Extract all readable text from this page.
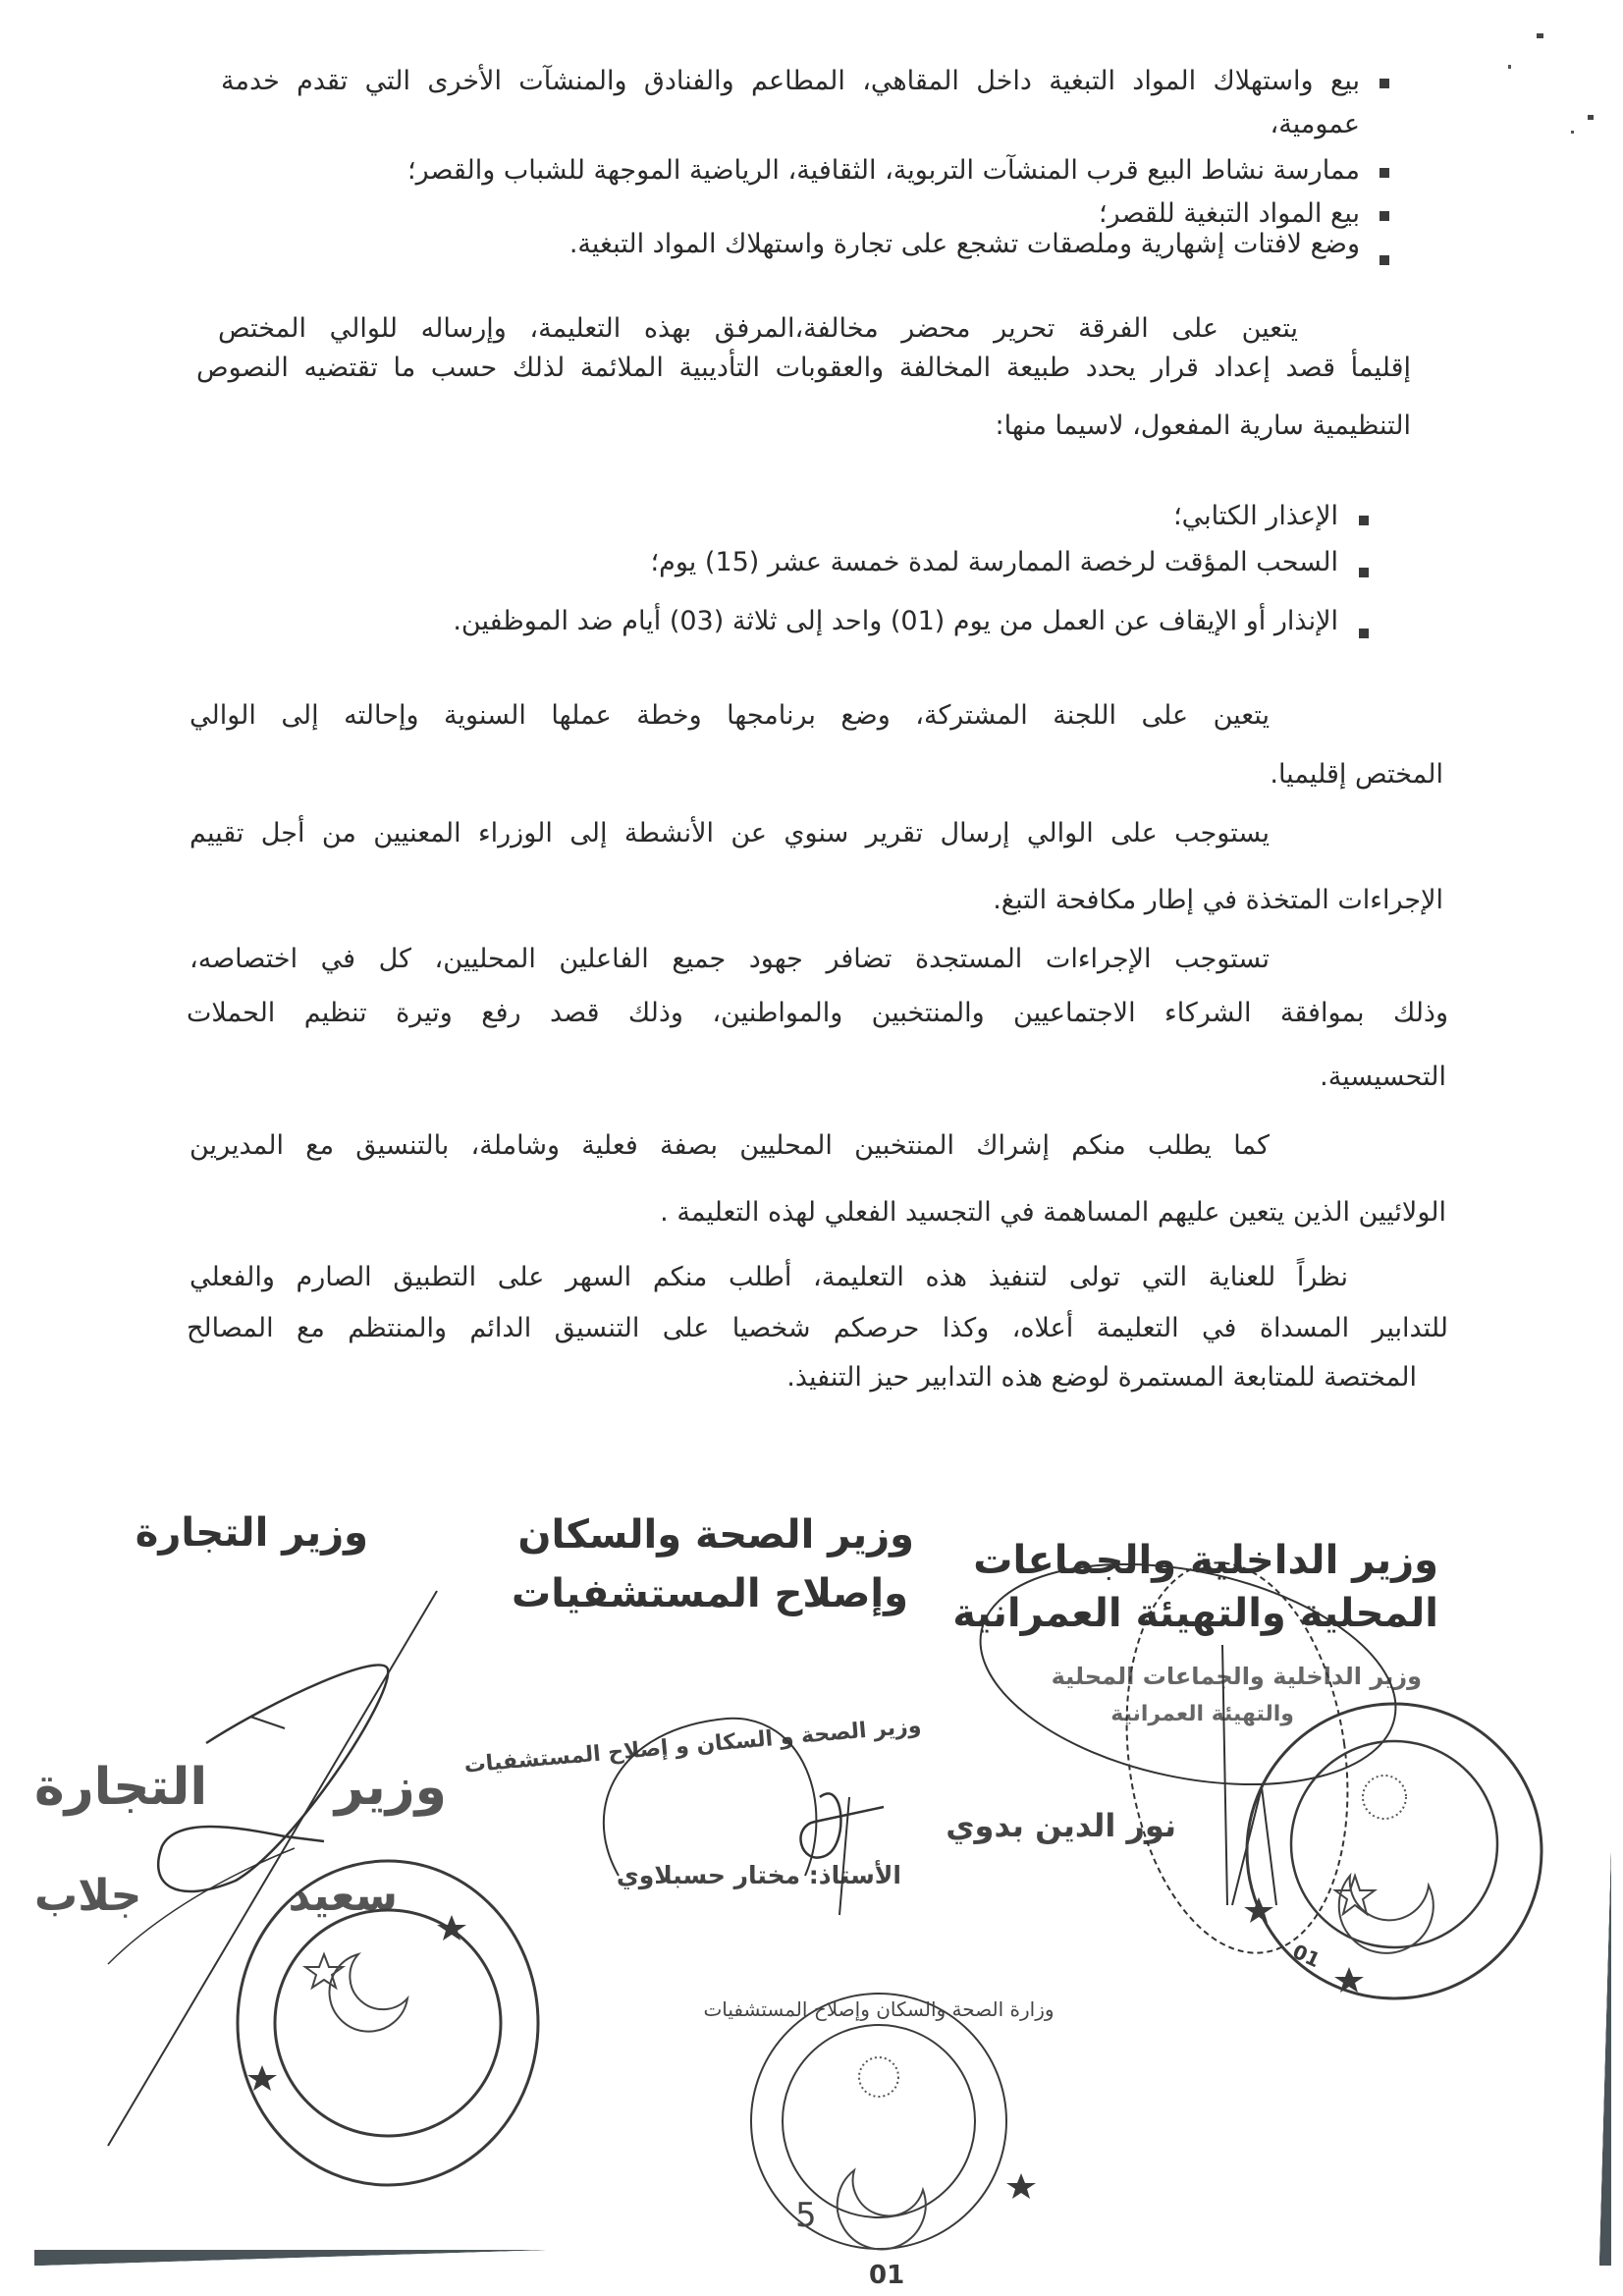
بيع واستهلاك المواد التبغية داخل المقاهي، المطاعم والفنادق والمنشآت الأخرى التي تقدم خدمة
عمومية،
ممارسة نشاط البيع قرب المنشآت التربوية، الثقافية، الرياضية الموجهة للشباب والقصر؛
بيع المواد التبغية للقصر؛
وضع لافتات إشهارية وملصقات تشجع على تجارة واستهلاك المواد التبغية.
يتعين على الفرقة تحرير محضر مخالفة،المرفق بهذه التعليمة، وإرساله للوالي المختص
إقليمأ قصد إعداد قرار يحدد طبيعة المخالفة والعقوبات التأديبية الملائمة لذلك حسب ما تقتضيه النصوص
التنظيمية سارية المفعول، لاسيما منها:
الإعذار الكتابي؛
السحب المؤقت لرخصة الممارسة لمدة خمسة عشر (15) يوم؛
الإنذار أو الإيقاف عن العمل من يوم (01) واحد إلى ثلاثة (03) أيام ضد الموظفين.
يتعين على اللجنة المشتركة، وضع برنامجها وخطة عملها السنوية وإحالته إلى الوالي
المختص إقليميا.
يستوجب على الوالي إرسال تقرير سنوي عن الأنشطة إلى الوزراء المعنيين من أجل تقييم
الإجراءات المتخذة في إطار مكافحة التبغ.
تستوجب الإجراءات المستجدة تضافر جهود جميع الفاعلين المحليين، كل في اختصاصه،
وذلك بموافقة الشركاء الاجتماعيين والمنتخبين والمواطنين، وذلك قصد رفع وتيرة تنظيم الحملات
التحسيسية.
كما يطلب منكم إشراك المنتخبين المحليين بصفة فعلية وشاملة، بالتنسيق مع المديرين
الولائيين الذين يتعين عليهم المساهمة في التجسيد الفعلي لهذه التعليمة .
نظراً للعناية التي تولى لتنفيذ هذه التعليمة، أطلب منكم السهر على التطبيق الصارم والفعلي
للتدابير المسداة في التعليمة أعلاه، وكذا حرصكم شخصيا على التنسيق الدائم والمنتظم مع المصالح
المختصة للمتابعة المستمرة لوضع هذه التدابير حيز التنفيذ.
وزير الداخلية والجماعات
المحلية والتهيئة العمرانية
وزير الداخلية والجماعات المحلية
والتهيئة العمرانية
نور الدين بدوي
01
وزير الصحة والسكان
وإصلاح المستشفيات
وزير الصحة و السكان و إصلاح المستشفيات
الأستاذ: مختار حسبلاوي
5
01
وزارة الصحة والسكان وإصلاح المستشفيات
وزير التجارة
وزير التجارة
سعيد جلاب
